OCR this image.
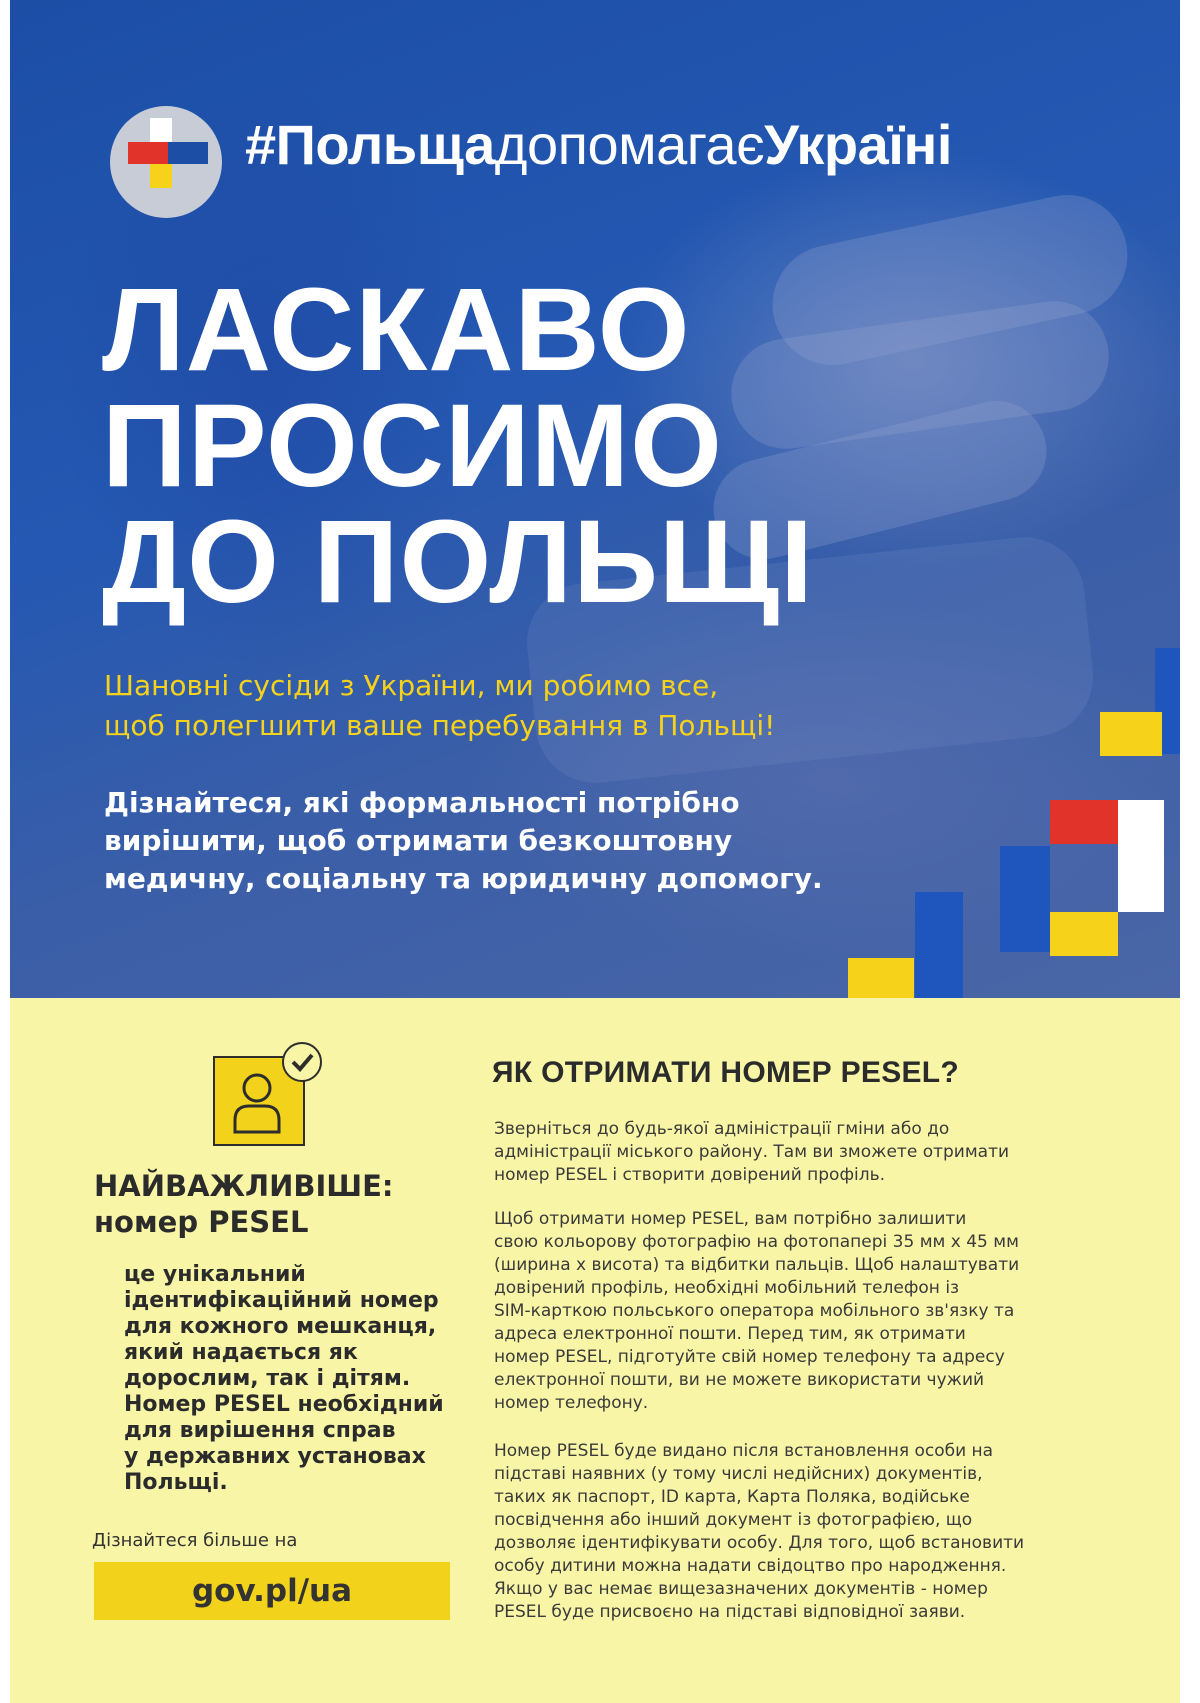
#ПольщадопомагаєУкраїні
ЛАСКАВО
ПРОСИМО
ДО ПОЛЬЩІ
Шановні сусіди з України, ми робимо все,
щоб полегшити ваше перебування в Польщі!
Дізнайтеся, які формальності потрібно
вирішити, щоб отримати безкоштовну
медичну, соціальну та юридичну допомогу.
НАЙВАЖЛИВІШЕ:
номер PESEL
це унікальний
ідентифікаційний номер
для кожного мешканця,
який надається як
дорослим, так і дітям.
Номер PESEL необхідний
для вирішення справ
у державних установах
Польщі.
Дізнайтеся більше на
gov.pl/ua
ЯК ОТРИМАТИ НОМЕР PESEL?
Зверніться до будь-якої адміністрації гміни або до
адміністрації міського району. Там ви зможете отримати
номер PESEL і створити довірений профіль.
Щоб отримати номер PESEL, вам потрібно залишити
свою кольорову фотографію на фотопапері 35 мм x 45 мм
(ширина x висота) та відбитки пальців. Щоб налаштувати
довірений профіль, необхідні мобільний телефон із
SIM-карткою польського оператора мобільного зв'язку та
адреса електронної пошти. Перед тим, як отримати
номер PESEL, підготуйте свій номер телефону та адресу
електронної пошти, ви не можете використати чужий
номер телефону.
Номер PESEL буде видано після встановлення особи на
підставі наявних (у тому числі недійсних) документів,
таких як паспорт, ID карта, Карта Поляка, водійське
посвідчення або інший документ із фотографією, що
дозволяє ідентифікувати особу. Для того, щоб встановити
особу дитини можна надати свідоцтво про народження.
Якщо у вас немає вищезазначених документів - номер
PESEL буде присвоєно на підставі відповідної заяви.
